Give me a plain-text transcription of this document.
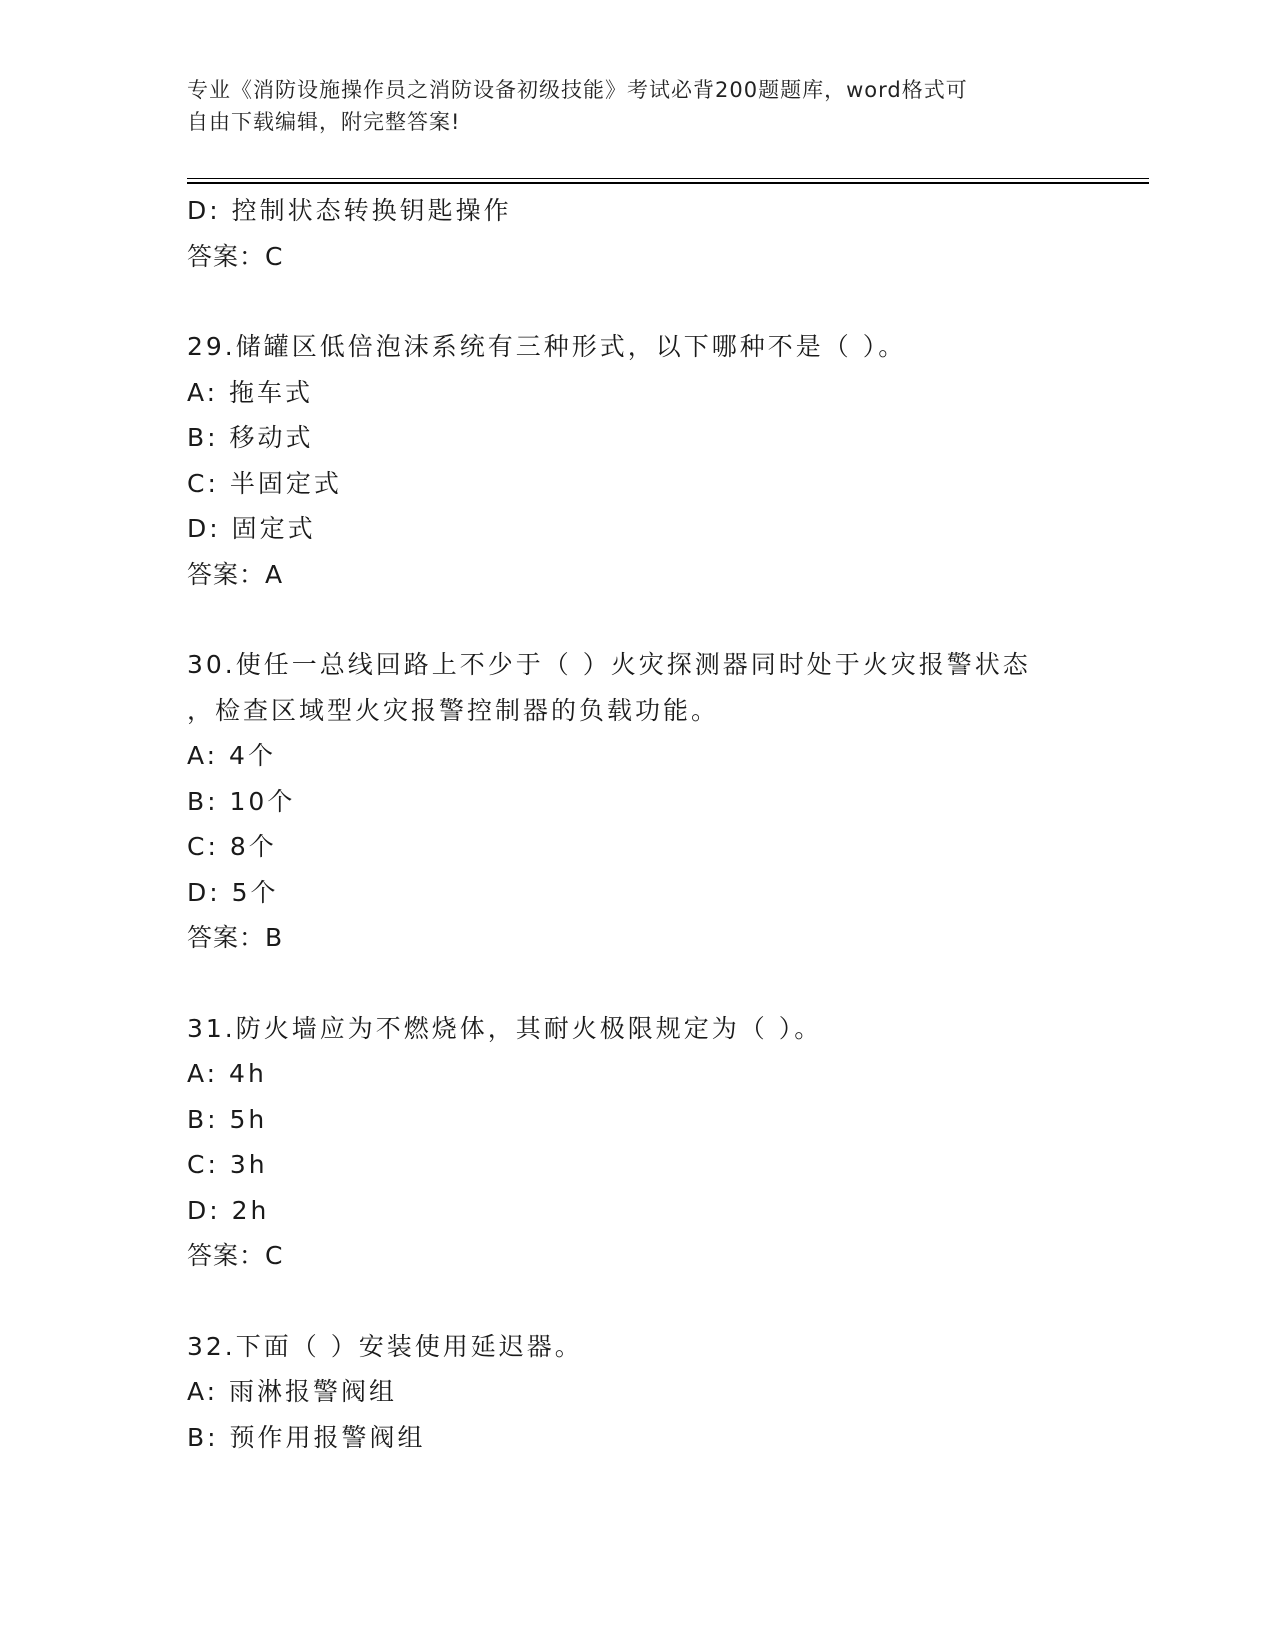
专业《消防设施操作员之消防设备初级技能》考试必背200题题库，word格式可
自由下载编辑，附完整答案!
D: 控制状态转换钥匙操作
答案：C
29.储罐区低倍泡沫系统有三种形式，以下哪种不是（ ）。
A: 拖车式
B: 移动式
C: 半固定式
D: 固定式
答案：A
30.使任一总线回路上不少于（ ）火灾探测器同时处于火灾报警状态
，检查区域型火灾报警控制器的负载功能。
A: 4个
B: 10个
C: 8个
D: 5个
答案：B
31.防火墙应为不燃烧体，其耐火极限规定为（ ）。
A: 4h
B: 5h
C: 3h
D: 2h
答案：C
32.下面（ ）安装使用延迟器。
A: 雨淋报警阀组
B: 预作用报警阀组
